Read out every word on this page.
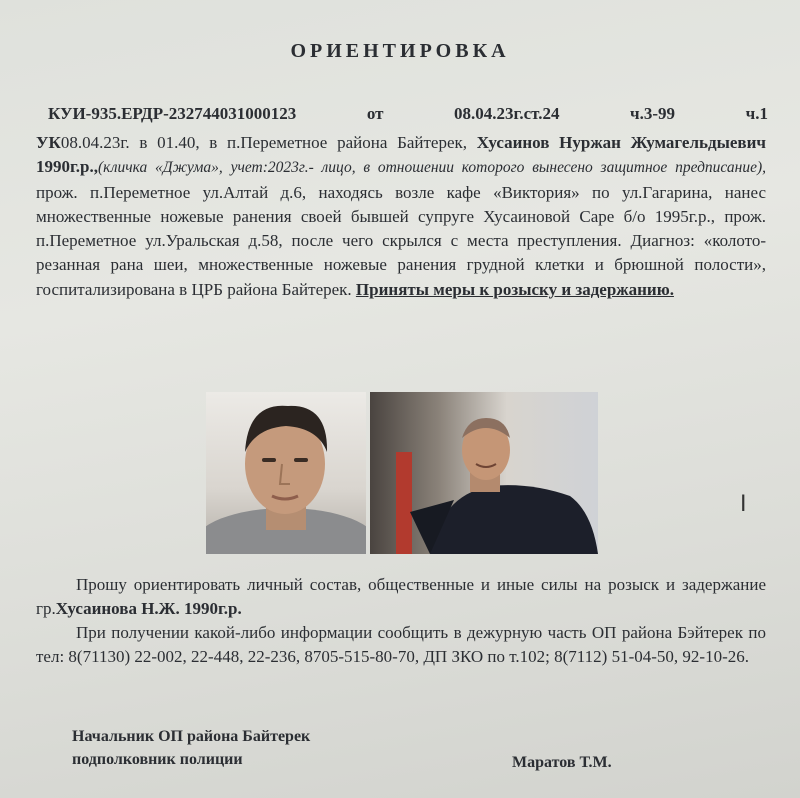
ОРИЕНТИРОВКА
КУИ-935.ЕРДР-232744031000123	от	08.04.23г.ст.24	ч.3-99	ч.1
УК08.04.23г. в 01.40, в п.Переметное района Байтерек, Хусаинов Нуржан Жумагельдыевич 1990г.р.,(кличка «Джума», учет:2023г.- лицо, в отношении которого вынесено защитное предписание), прож. п.Переметное ул.Алтай д.6, находясь возле кафе «Виктория» по ул.Гагарина, нанес множественные ножевые ранения своей бывшей супруге Хусаиновой Саре б/о 1995г.р., прож. п.Переметное ул.Уральская д.58, после чего скрылся с места преступления. Диагноз: «колото-резанная рана шеи, множественные ножевые ранения грудной клетки и брюшной полости», госпитализирована в ЦРБ района Байтерек. Приняты меры к розыску и задержанию.
I

Прошу ориентировать личный состав, общественные и иные силы на розыск и задержание гр.Хусаинова Н.Ж. 1990г.р.

При получении какой-либо информации сообщить в дежурную часть ОП района Бэйтерек по тел: 8(71130) 22-002, 22-448, 22-236, 8705-515-80-70, ДП ЗКО по т.102; 8(7112) 51-04-50, 92-10-26.

Начальник ОП района Байтерек
подполковник полиции	Маратов Т.М.
